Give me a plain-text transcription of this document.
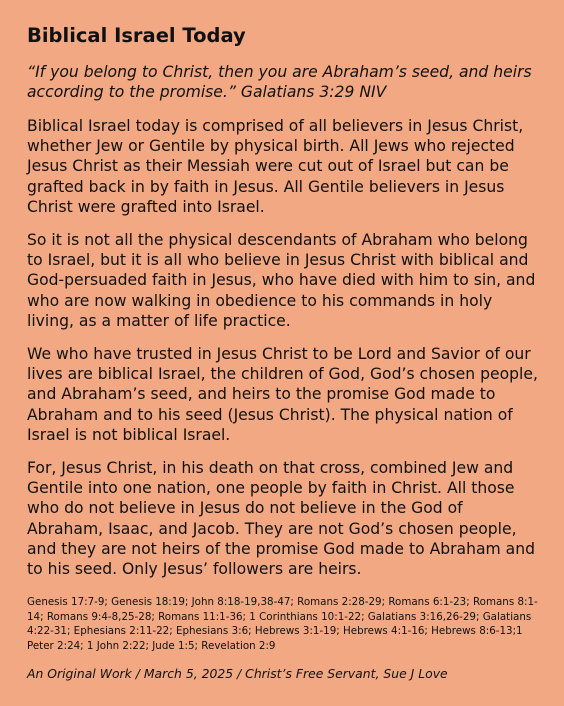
Biblical Israel Today

“If you belong to Christ, then you are Abraham’s seed, and heirs according to the promise.” Galatians 3:29 NIV

Biblical Israel today is comprised of all believers in Jesus Christ, whether Jew or Gentile by physical birth. All Jews who rejected Jesus Christ as their Messiah were cut out of Israel but can be grafted back in by faith in Jesus. All Gentile believers in Jesus Christ were grafted into Israel.

So it is not all the physical descendants of Abraham who belong to Israel, but it is all who believe in Jesus Christ with biblical and God-persuaded faith in Jesus, who have died with him to sin, and who are now walking in obedience to his commands in holy living, as a matter of life practice.

We who have trusted in Jesus Christ to be Lord and Savior of our lives are biblical Israel, the children of God, God’s chosen people, and Abraham’s seed, and heirs to the promise God made to Abraham and to his seed (Jesus Christ). The physical nation of Israel is not biblical Israel.

For, Jesus Christ, in his death on that cross, combined Jew and Gentile into one nation, one people by faith in Christ. All those who do not believe in Jesus do not believe in the God of Abraham, Isaac, and Jacob. They are not God’s chosen people, and they are not heirs of the promise God made to Abraham and to his seed. Only Jesus’ followers are heirs.

Genesis 17:7-9; Genesis 18:19; John 8:18-19,38-47; Romans 2:28-29; Romans 6:1-23; Romans 8:1-14; Romans 9:4-8,25-28; Romans 11:1-36; 1 Corinthians 10:1-22; Galatians 3:16,26-29; Galatians 4:22-31; Ephesians 2:11-22; Ephesians 3:6; Hebrews 3:1-19; Hebrews 4:1-16; Hebrews 8:6-13;1 Peter 2:24; 1 John 2:22; Jude 1:5; Revelation 2:9

An Original Work / March 5, 2025 / Christ’s Free Servant, Sue J Love
